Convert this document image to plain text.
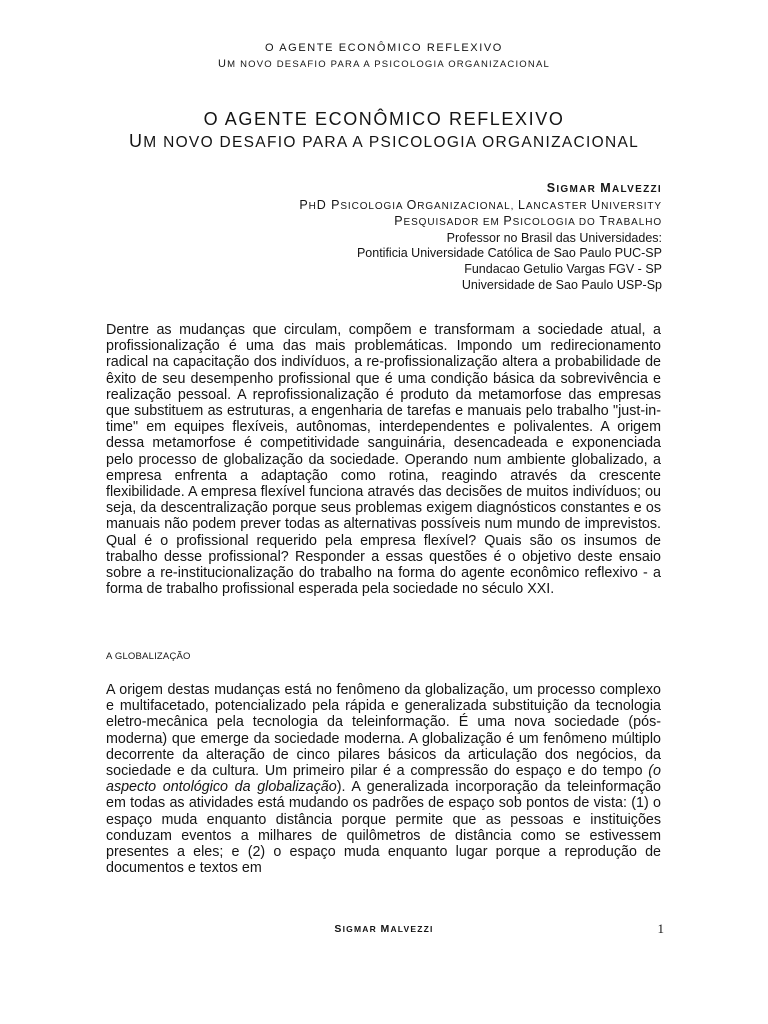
O AGENTE ECONÔMICO REFLEXIVO
UM NOVO DESAFIO PARA A PSICOLOGIA ORGANIZACIONAL
O AGENTE ECONÔMICO REFLEXIVO
UM NOVO DESAFIO PARA A PSICOLOGIA ORGANIZACIONAL
SIGMAR MALVEZZI
PHD PSICOLOGIA ORGANIZACIONAL, LANCASTER UNIVERSITY
PESQUISADOR EM PSICOLOGIA DO TRABALHO
Professor no Brasil das Universidades:
Pontificia Universidade Católica de Sao Paulo PUC-SP
Fundacao Getulio Vargas FGV - SP
Universidade de Sao Paulo USP-Sp

Dentre as mudanças que circulam, compõem e transformam a sociedade atual, a profissionalização é uma das mais problemáticas. Impondo um redirecionamento radical na capacitação dos indivíduos, a re-profissionalização altera a probabilidade de êxito de seu desempenho profissional que é uma condição básica da sobrevivência e realização pessoal. A reprofissionalização é produto da metamorfose das empresas que substituem as estruturas, a engenharia de tarefas e manuais pelo trabalho "just-in-time" em equipes flexíveis, autônomas, interdependentes e polivalentes. A origem dessa metamorfose é competitividade sanguinária, desencadeada e exponenciada pelo processo de globalização da sociedade. Operando num ambiente globalizado, a empresa enfrenta a adaptação como rotina, reagindo através da crescente flexibilidade. A empresa flexível funciona através das decisões de muitos indivíduos; ou seja, da descentralização porque seus problemas exigem diagnósticos constantes e os manuais não podem prever todas as alternativas possíveis num mundo de imprevistos. Qual é o profissional requerido pela empresa flexível? Quais são os insumos de trabalho desse profissional? Responder a essas questões é o objetivo deste ensaio sobre a re-institucionalização do trabalho na forma do agente econômico reflexivo - a forma de trabalho profissional esperada pela sociedade no século XXI.

A GLOBALIZAÇÃO

A origem destas mudanças está no fenômeno da globalização, um processo complexo e multifacetado, potencializado pela rápida e generalizada substituição da tecnologia eletro-mecânica pela tecnologia da teleinformação. É uma nova sociedade (pós-moderna) que emerge da sociedade moderna. A globalização é um fenômeno múltiplo decorrente da alteração de cinco pilares básicos da articulação dos negócios, da sociedade e da cultura. Um primeiro pilar é a compressão do espaço e do tempo (o aspecto ontológico da globalização). A generalizada incorporação da teleinformação em todas as atividades está mudando os padrões de espaço sob pontos de vista: (1) o espaço muda enquanto distância porque permite que as pessoas e instituições conduzam eventos a milhares de quilômetros de distância como se estivessem presentes a eles; e (2) o espaço muda enquanto lugar porque a reprodução de documentos e textos em

SIGMAR MALVEZZI	1
